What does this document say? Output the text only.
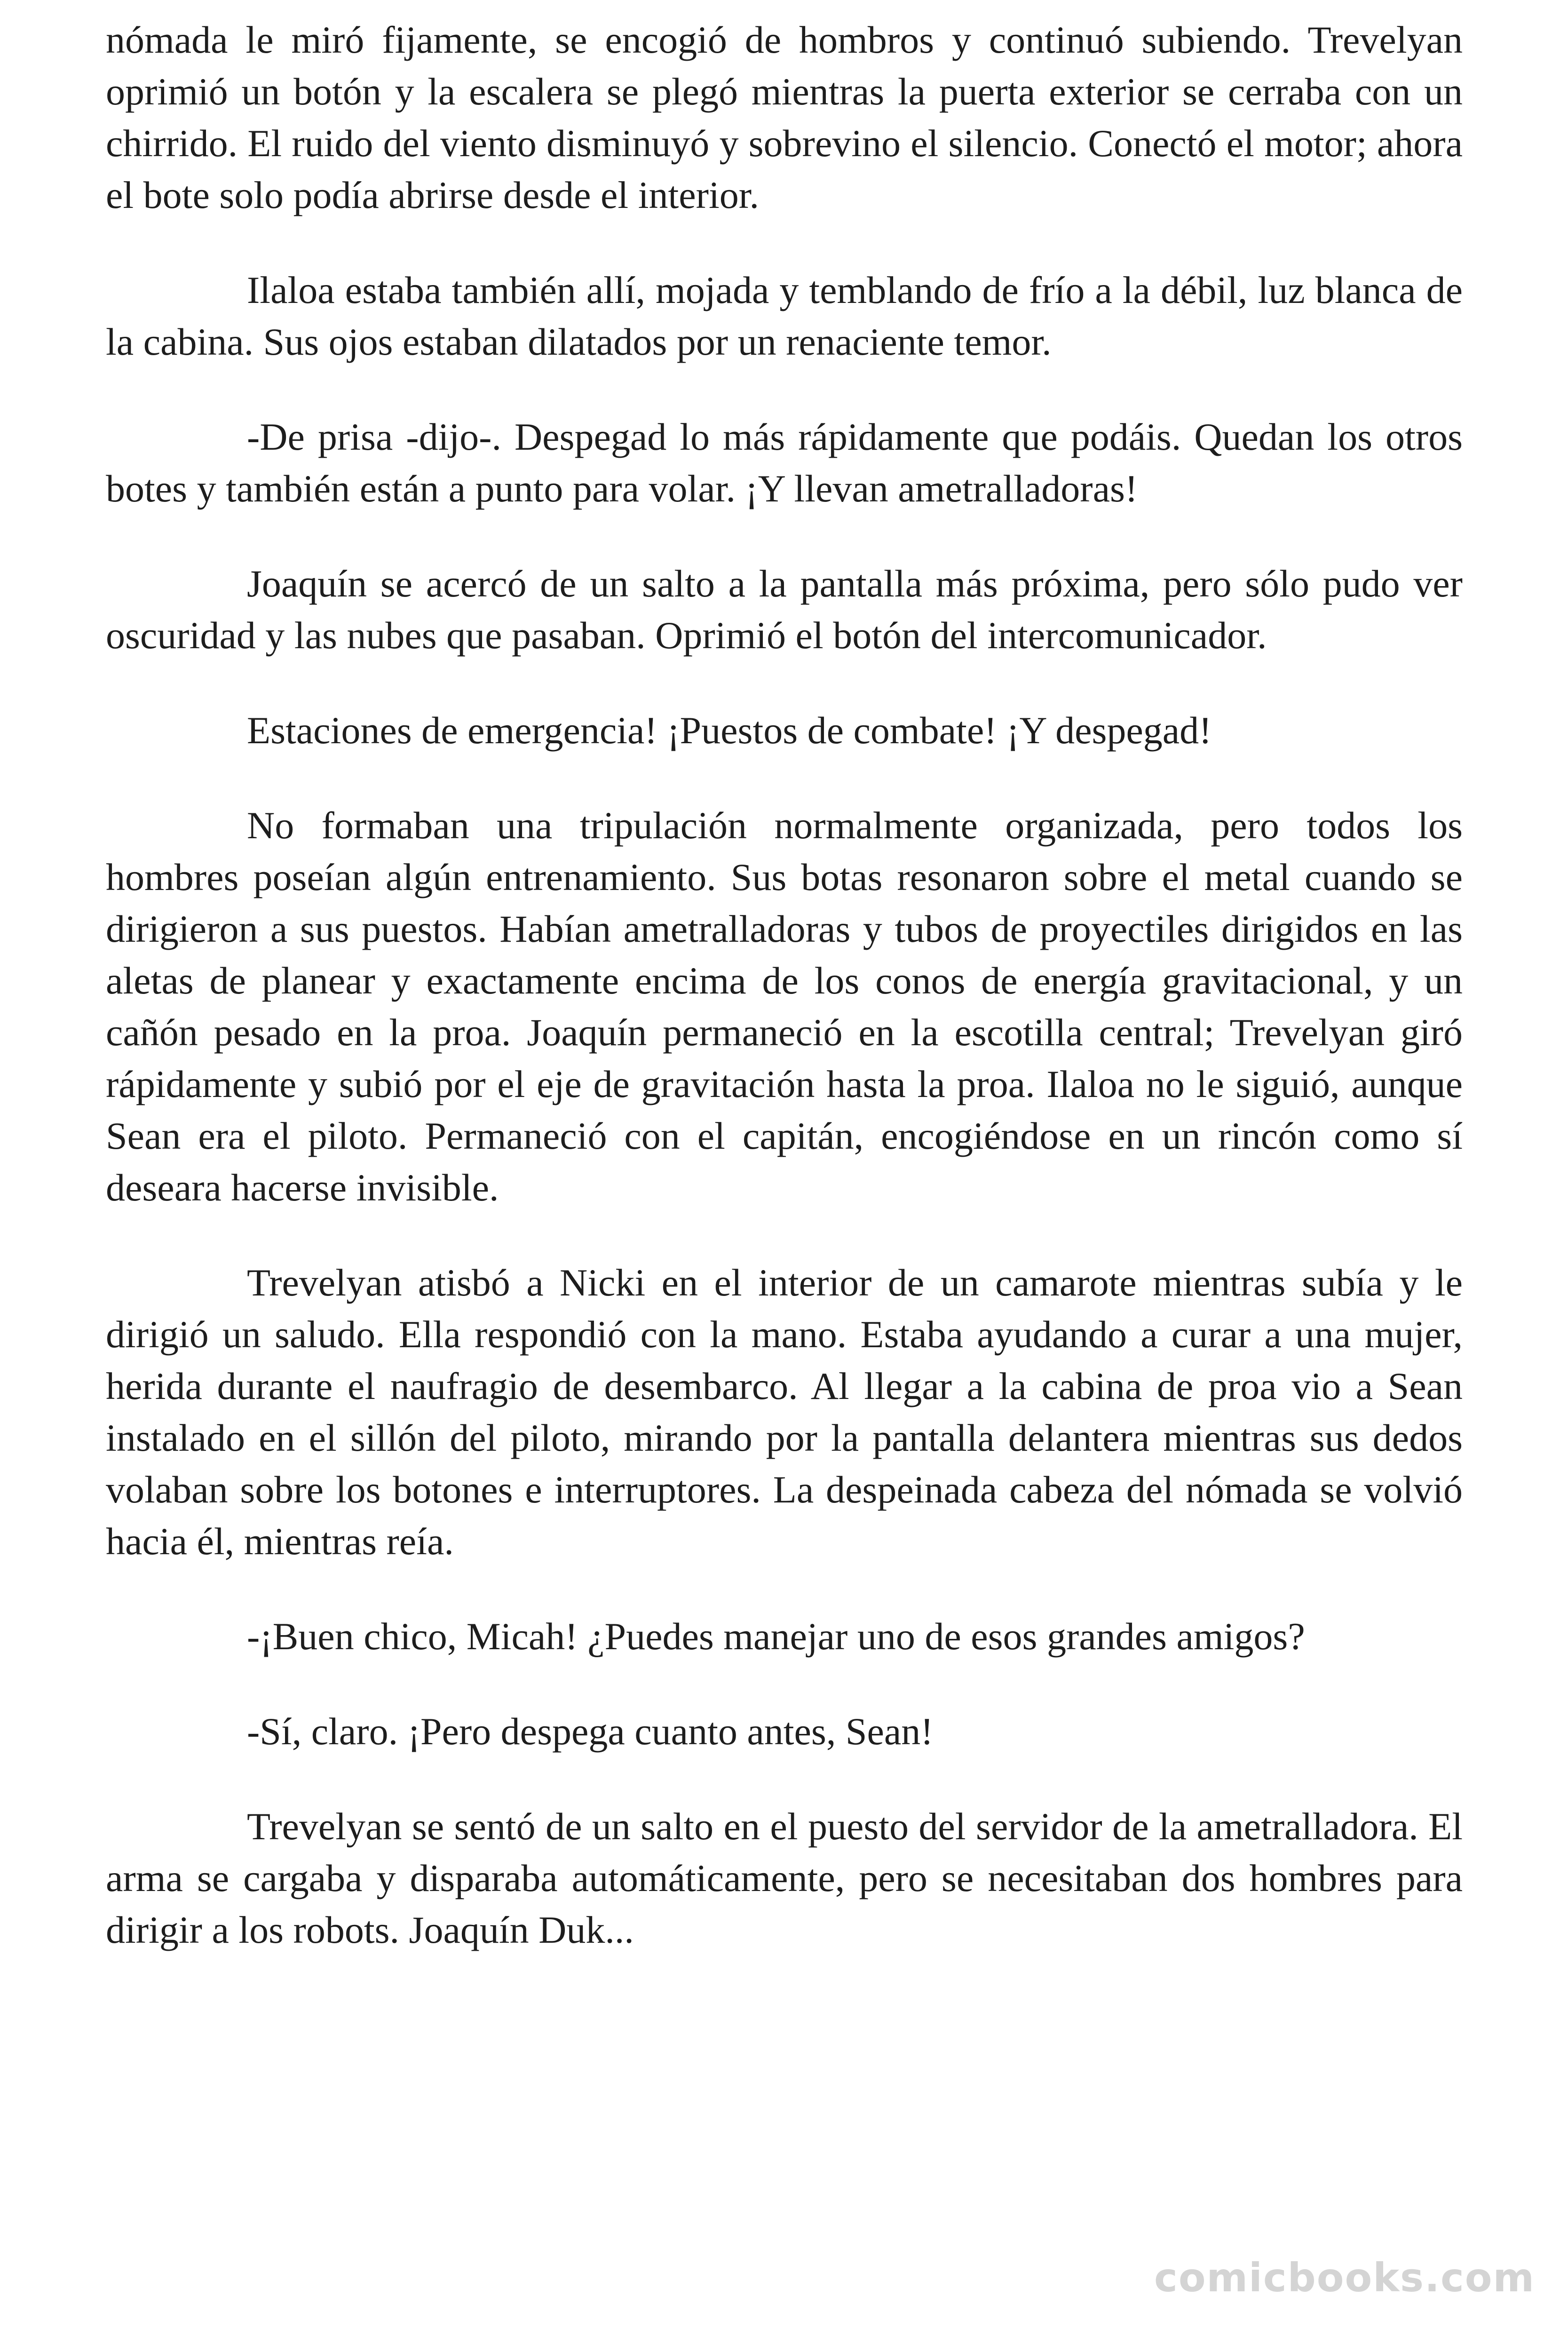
nómada le miró fijamente, se encogió de hombros y continuó subiendo. Trevelyan oprimió un botón y la escalera se plegó mientras la puerta exterior se cerraba con un chirrido. El ruido del viento disminuyó y sobrevino el silencio. Conectó el motor; ahora el bote solo podía abrirse desde el interior.

Ilaloa estaba también allí, mojada y temblando de frío a la débil, luz blanca de la cabina. Sus ojos estaban dilatados por un renaciente temor.

-De prisa -dijo-. Despegad lo más rápidamente que podáis. Quedan los otros botes y también están a punto para volar. ¡Y llevan ametralladoras!

Joaquín se acercó de un salto a la pantalla más próxima, pero sólo pudo ver oscuridad y las nubes que pasaban. Oprimió el botón del intercomunicador.

Estaciones de emergencia! ¡Puestos de combate! ¡Y despegad!

No formaban una tripulación normalmente organizada, pero todos los hombres poseían algún entrenamiento. Sus botas resonaron sobre el metal cuando se dirigieron a sus puestos. Habían ametralladoras y tubos de proyectiles dirigidos en las aletas de planear y exactamente encima de los conos de energía gravitacional, y un cañón pesado en la proa. Joaquín permaneció en la escotilla central; Trevelyan giró rápidamente y subió por el eje de gravitación hasta la proa. Ilaloa no le siguió, aunque Sean era el piloto. Permaneció con el capitán, encogiéndose en un rincón como sí deseara hacerse invisible.

Trevelyan atisbó a Nicki en el interior de un camarote mientras subía y le dirigió un saludo. Ella respondió con la mano. Estaba ayudando a curar a una mujer, herida durante el naufragio de desembarco. Al llegar a la cabina de proa vio a Sean instalado en el sillón del piloto, mirando por la pantalla delantera mientras sus dedos volaban sobre los botones e interruptores. La despeinada cabeza del nómada se volvió hacia él, mientras reía.

-¡Buen chico, Micah! ¿Puedes manejar uno de esos grandes amigos?

-Sí, claro. ¡Pero despega cuanto antes, Sean!

Trevelyan se sentó de un salto en el puesto del servidor de la ametralladora. El arma se cargaba y disparaba automáticamente, pero se necesitaban dos hombres para dirigir a los robots. Joaquín Duk...

comicbooks.com
